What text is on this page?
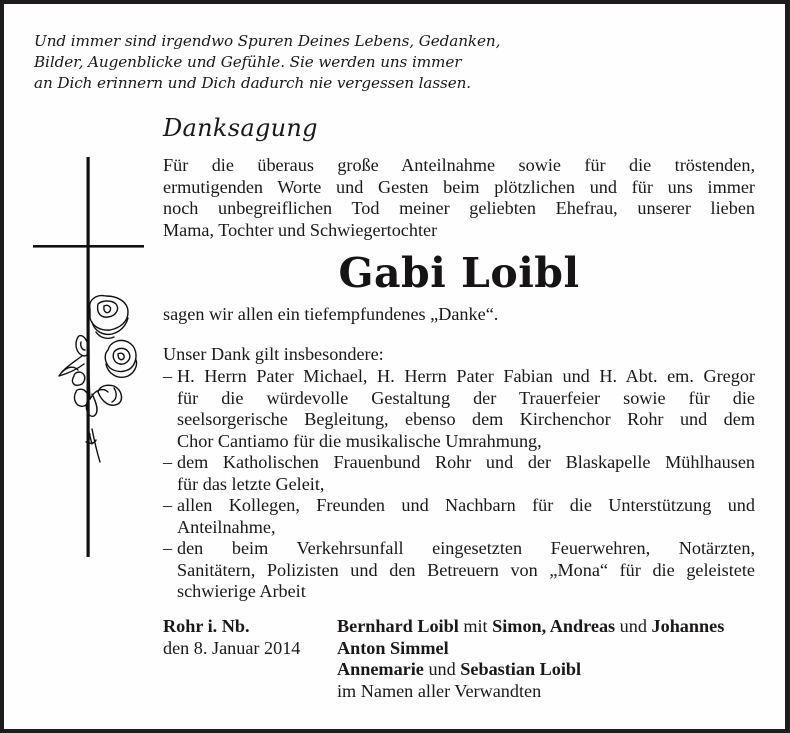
Und immer sind irgendwo Spuren Deines Lebens, Gedanken,
Bilder, Augenblicke und Gefühle. Sie werden uns immer
an Dich erinnern und Dich dadurch nie vergessen lassen.
Danksagung
Für die überaus große Anteilnahme sowie für die tröstenden,
ermutigenden Worte und Gesten beim plötzlichen und für uns immer
noch unbegreiflichen Tod meiner geliebten Ehefrau, unserer lieben
Mama, Tochter und Schwiegertochter
Gabi Loibl
sagen wir allen ein tiefempfundenes „Danke“.
Unser Dank gilt insbesondere:
– H. Herrn Pater Michael, H. Herrn Pater Fabian und H. Abt. em. Gregor
für die würdevolle Gestaltung der Trauerfeier sowie für die
seelsorgerische Begleitung, ebenso dem Kirchenchor Rohr und dem
Chor Cantiamo für die musikalische Umrahmung,
– dem Katholischen Frauenbund Rohr und der Blaskapelle Mühlhausen
für das letzte Geleit,
– allen Kollegen, Freunden und Nachbarn für die Unterstützung und
Anteilnahme,
– den beim Verkehrsunfall eingesetzten Feuerwehren, Notärzten,
Sanitätern, Polizisten und den Betreuern von „Mona“ für die geleistete
schwierige Arbeit
Rohr i. Nb.
den 8. Januar 2014
Bernhard Loibl mit Simon, Andreas und Johannes
Anton Simmel
Annemarie und Sebastian Loibl
im Namen aller Verwandten
